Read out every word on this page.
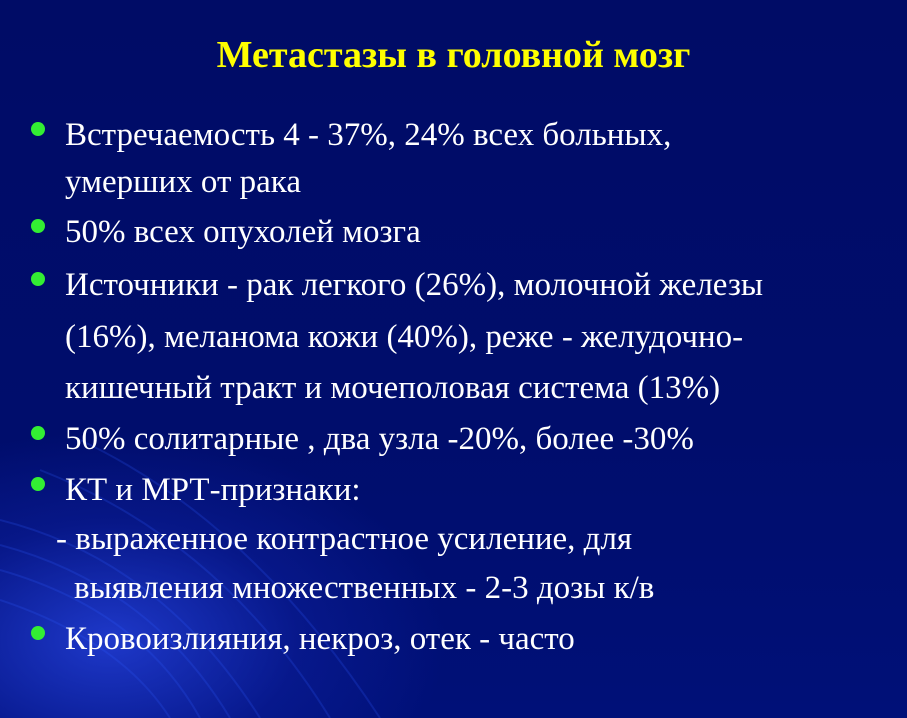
Метастазы в головной мозг

Встречаемость 4 - 37%, 24% всех больных,

умерших от рака

50% всех опухолей мозга

Источники - рак легкого (26%), молочной железы

(16%), меланома кожи (40%), реже - желудочно-

кишечный тракт и мочеполовая система (13%)

50% солитарные , два узла -20%, более -30%

КТ и МРТ-признаки:

- выраженное контрастное усиление, для

выявления множественных - 2-3 дозы к/в

Кровоизлияния, некроз, отек - часто
